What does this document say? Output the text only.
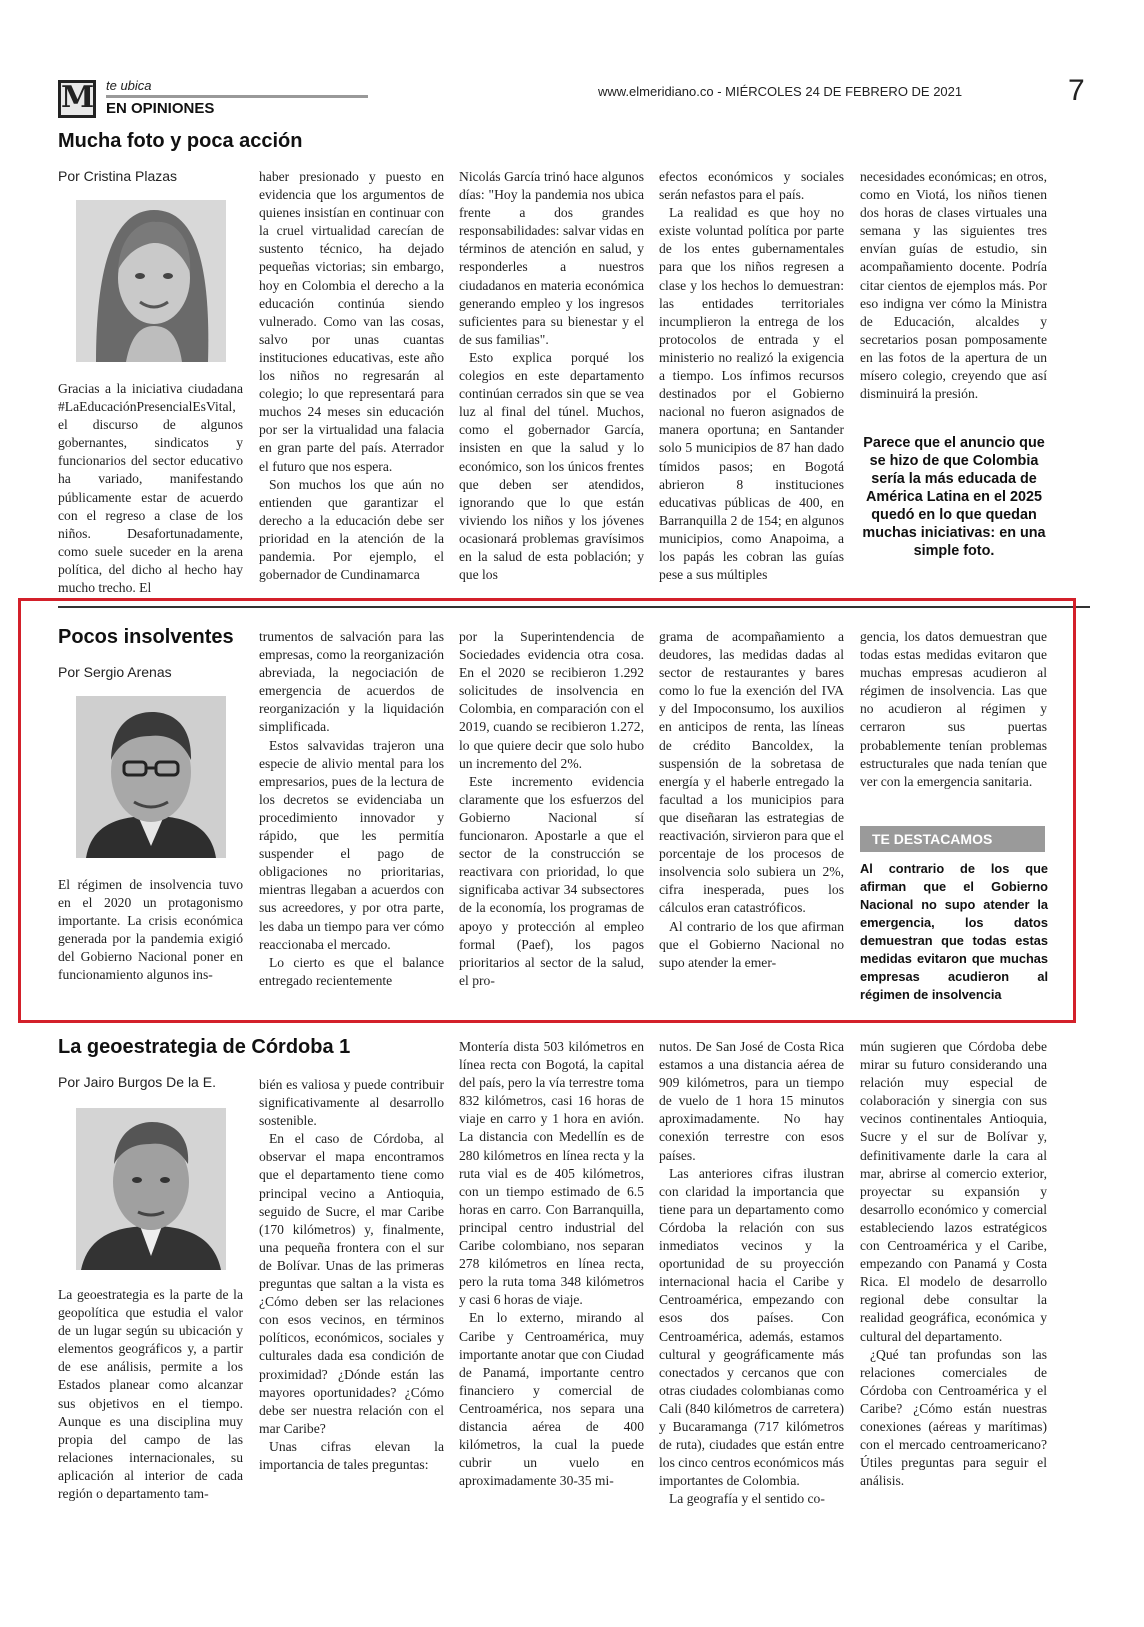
M te ubica
EN OPINIONES
www.elmeridiano.co - MIÉRCOLES 24 DE FEBRERO DE 2021	7
Mucha foto y poca acción
Por Cristina Plazas

Gracias a la iniciativa ciudadana #LaEducaciónPresencialEsVital, el discurso de algunos gobernantes, sindicatos y funcionarios del sector educativo ha variado, manifestando públicamente estar de acuerdo con el regreso a clase de los niños. Desafortunadamente, como suele suceder en la arena política, del dicho al hecho hay mucho trecho. El

haber presionado y puesto en evidencia que los argumentos de quienes insistían en continuar con la cruel virtualidad carecían de sustento técnico, ha dejado pequeñas victorias; sin embargo, hoy en Colombia el derecho a la educación continúa siendo vulnerado. Como van las cosas, salvo por unas cuantas instituciones educativas, este año los niños no regresarán al colegio; lo que representará para muchos 24 meses sin educación por ser la virtualidad una falacia en gran parte del país. Aterrador el futuro que nos espera.

Son muchos los que aún no entienden que garantizar el derecho a la educación debe ser prioridad en la atención de la pandemia. Por ejemplo, el gobernador de Cundinamarca

Nicolás García trinó hace algunos días: "Hoy la pandemia nos ubica frente a dos grandes responsabilidades: salvar vidas en términos de atención en salud, y responderles a nuestros ciudadanos en materia económica generando empleo y los ingresos suficientes para su bienestar y el de sus familias".

Esto explica porqué los colegios en este departamento continúan cerrados sin que se vea luz al final del túnel. Muchos, como el gobernador García, insisten en que la salud y lo económico, son los únicos frentes que deben ser atendidos, ignorando que lo que están viviendo los niños y los jóvenes ocasionará problemas gravísimos en la salud de esta población; y que los

efectos económicos y sociales serán nefastos para el país.

La realidad es que hoy no existe voluntad política por parte de los entes gubernamentales para que los niños regresen a clase y los hechos lo demuestran: las entidades territoriales incumplieron la entrega de los protocolos de entrada y el ministerio no realizó la exigencia a tiempo. Los ínfimos recursos destinados por el Gobierno nacional no fueron asignados de manera oportuna; en Santander solo 5 municipios de 87 han dado tímidos pasos; en Bogotá abrieron 8 instituciones educativas públicas de 400, en Barranquilla 2 de 154; en algunos municipios, como Anapoima, a los papás les cobran las guías pese a sus múltiples

necesidades económicas; en otros, como en Viotá, los niños tienen dos horas de clases virtuales una semana y las siguientes tres envían guías de estudio, sin acompañamiento docente. Podría citar cientos de ejemplos más. Por eso indigna ver cómo la Ministra de Educación, alcaldes y secretarios posan pomposamente en las fotos de la apertura de un mísero colegio, creyendo que así disminuirá la presión.

Parece que el anuncio que se hizo de que Colombia sería la más educada de América Latina en el 2025 quedó en lo que quedan muchas iniciativas: en una simple foto.
Pocos insolventes
Por Sergio Arenas

El régimen de insolvencia tuvo en el 2020 un protagonismo importante. La crisis económica generada por la pandemia exigió del Gobierno Nacional poner en funcionamiento algunos ins-

trumentos de salvación para las empresas, como la reorganización abreviada, la negociación de emergencia de acuerdos de reorganización y la liquidación simplificada.

Estos salvavidas trajeron una especie de alivio mental para los empresarios, pues de la lectura de los decretos se evidenciaba un procedimiento innovador y rápido, que les permitía suspender el pago de obligaciones no prioritarias, mientras llegaban a acuerdos con sus acreedores, y por otra parte, les daba un tiempo para ver cómo reaccionaba el mercado.

Lo cierto es que el balance entregado recientemente

por la Superintendencia de Sociedades evidencia otra cosa. En el 2020 se recibieron 1.292 solicitudes de insolvencia en Colombia, en comparación con el 2019, cuando se recibieron 1.272, lo que quiere decir que solo hubo un incremento del 2%.

Este incremento evidencia claramente que los esfuerzos del Gobierno Nacional sí funcionaron. Apostarle a que el sector de la construcción se reactivara con prioridad, lo que significaba activar 34 subsectores de la economía, los programas de apoyo y protección al empleo formal (Paef), los pagos prioritarios al sector de la salud, el pro-

grama de acompañamiento a deudores, las medidas dadas al sector de restaurantes y bares como lo fue la exención del IVA y del Impoconsumo, los auxilios en anticipos de renta, las líneas de crédito Bancoldex, la suspensión de la sobretasa de energía y el haberle entregado la facultad a los municipios para que diseñaran las estrategias de reactivación, sirvieron para que el porcentaje de los procesos de insolvencia solo subiera un 2%, cifra inesperada, pues los cálculos eran catastróficos.

Al contrario de los que afirman que el Gobierno Nacional no supo atender la emer-

gencia, los datos demuestran que todas estas medidas evitaron que muchas empresas acudieron al régimen de insolvencia. Las que no acudieron al régimen y cerraron sus puertas probablemente tenían problemas estructurales que nada tenían que ver con la emergencia sanitaria.

TE DESTACAMOS
Al contrario de los que afirman que el Gobierno Nacional no supo atender la emergencia, los datos demuestran que todas estas medidas evitaron que muchas empresas acudieron al régimen de insolvencia
La geoestrategia de Córdoba 1
Por Jairo Burgos De la E.

La geoestrategia es la parte de la geopolítica que estudia el valor de un lugar según su ubicación y elementos geográficos y, a partir de ese análisis, permite a los Estados planear como alcanzar sus objetivos en el tiempo. Aunque es una disciplina muy propia del campo de las relaciones internacionales, su aplicación al interior de cada región o departamento tam-

bién es valiosa y puede contribuir significativamente al desarrollo sostenible.

En el caso de Córdoba, al observar el mapa encontramos que el departamento tiene como principal vecino a Antioquia, seguido de Sucre, el mar Caribe (170 kilómetros) y, finalmente, una pequeña frontera con el sur de Bolívar. Unas de las primeras preguntas que saltan a la vista es ¿Cómo deben ser las relaciones con esos vecinos, en términos políticos, económicos, sociales y culturales dada esa condición de proximidad? ¿Dónde están las mayores oportunidades? ¿Cómo debe ser nuestra relación con el mar Caribe?

Unas cifras elevan la importancia de tales preguntas:

Montería dista 503 kilómetros en línea recta con Bogotá, la capital del país, pero la vía terrestre toma 832 kilómetros, casi 16 horas de viaje en carro y 1 hora en avión. La distancia con Medellín es de 280 kilómetros en línea recta y la ruta vial es de 405 kilómetros, con un tiempo estimado de 6.5 horas en carro. Con Barranquilla, principal centro industrial del Caribe colombiano, nos separan 278 kilómetros en línea recta, pero la ruta toma 348 kilómetros y casi 6 horas de viaje.

En lo externo, mirando al Caribe y Centroamérica, muy importante anotar que con Ciudad de Panamá, importante centro financiero y comercial de Centroamérica, nos separa una distancia aérea de 400 kilómetros, la cual la puede cubrir un vuelo en aproximadamente 30-35 mi-

nutos. De San José de Costa Rica estamos a una distancia aérea de 909 kilómetros, para un tiempo de vuelo de 1 hora 15 minutos aproximadamente. No hay conexión terrestre con esos países.

Las anteriores cifras ilustran con claridad la importancia que tiene para un departamento como Córdoba la relación con sus inmediatos vecinos y la oportunidad de su proyección internacional hacia el Caribe y Centroamérica, empezando con esos dos países. Con Centroamérica, además, estamos cultural y geográficamente más conectados y cercanos que con otras ciudades colombianas como Cali (840 kilómetros de carretera) y Bucaramanga (717 kilómetros de ruta), ciudades que están entre los cinco centros económicos más importantes de Colombia.

La geografía y el sentido co-

mún sugieren que Córdoba debe mirar su futuro considerando una relación muy especial de colaboración y sinergia con sus vecinos continentales Antioquia, Sucre y el sur de Bolívar y, definitivamente darle la cara al mar, abrirse al comercio exterior, proyectar su expansión y desarrollo económico y comercial estableciendo lazos estratégicos con Centroamérica y el Caribe, empezando con Panamá y Costa Rica. El modelo de desarrollo regional debe consultar la realidad geográfica, económica y cultural del departamento.

¿Qué tan profundas son las relaciones comerciales de Córdoba con Centroamérica y el Caribe? ¿Cómo están nuestras conexiones (aéreas y marítimas) con el mercado centroamericano? Útiles preguntas para seguir el análisis.
